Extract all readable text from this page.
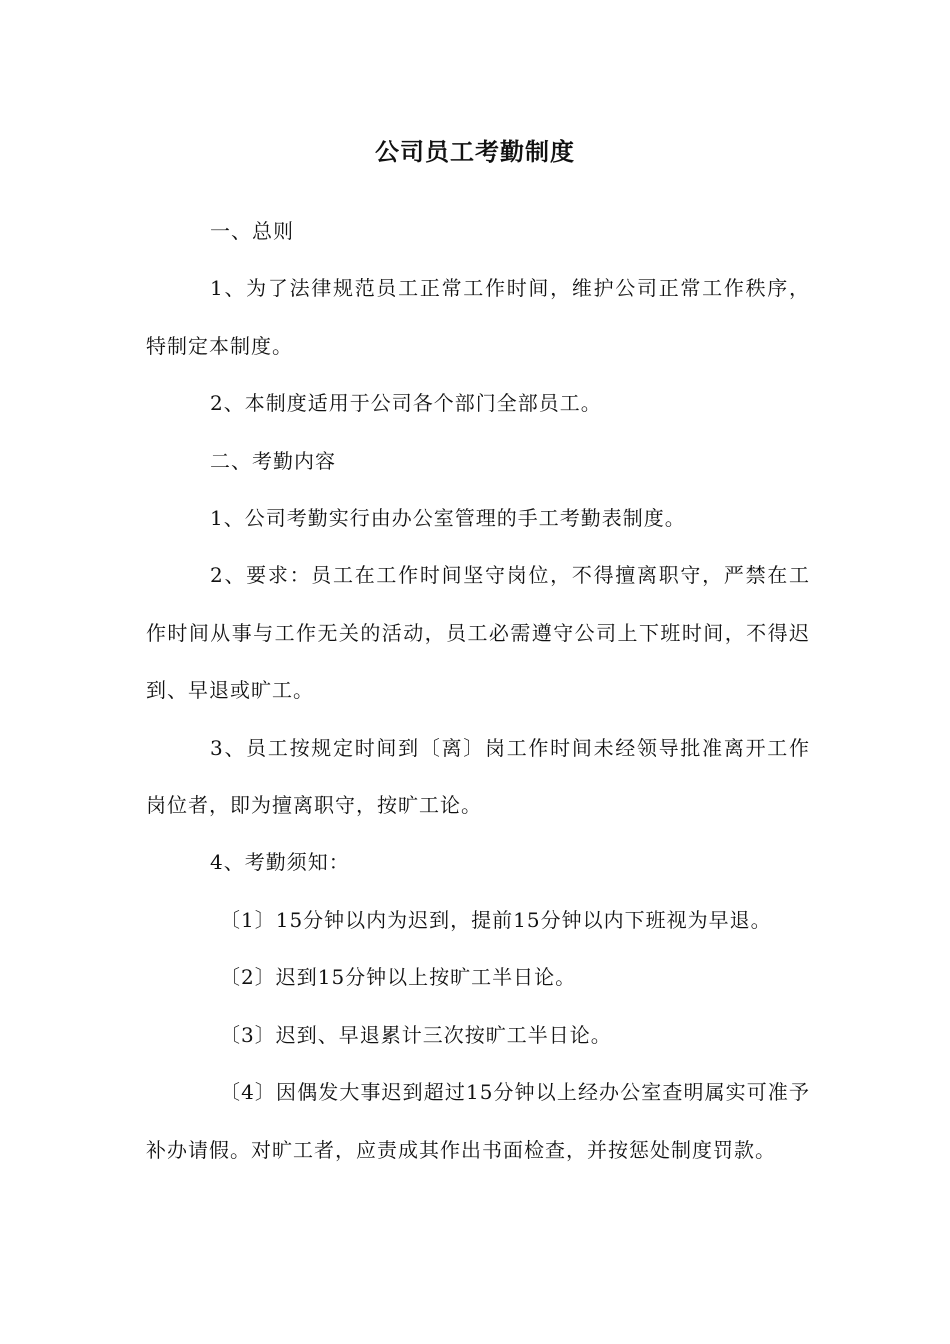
公司员工考勤制度

一、总则

1、为了法律规范员工正常工作时间，维护公司正常工作秩序，特制定本制度。

2、本制度适用于公司各个部门全部员工。

二、考勤内容

1、公司考勤实行由办公室管理的手工考勤表制度。

2、要求：员工在工作时间坚守岗位，不得擅离职守，严禁在工作时间从事与工作无关的活动，员工必需遵守公司上下班时间，不得迟到、早退或旷工。

3、员工按规定时间到〔离〕岗工作时间未经领导批准离开工作岗位者，即为擅离职守，按旷工论。

4、考勤须知：

〔1〕15分钟以内为迟到，提前15分钟以内下班视为早退。

〔2〕迟到15分钟以上按旷工半日论。

〔3〕迟到、早退累计三次按旷工半日论。

〔4〕因偶发大事迟到超过15分钟以上经办公室查明属实可准予补办请假。对旷工者，应责成其作出书面检查，并按惩处制度罚款。
